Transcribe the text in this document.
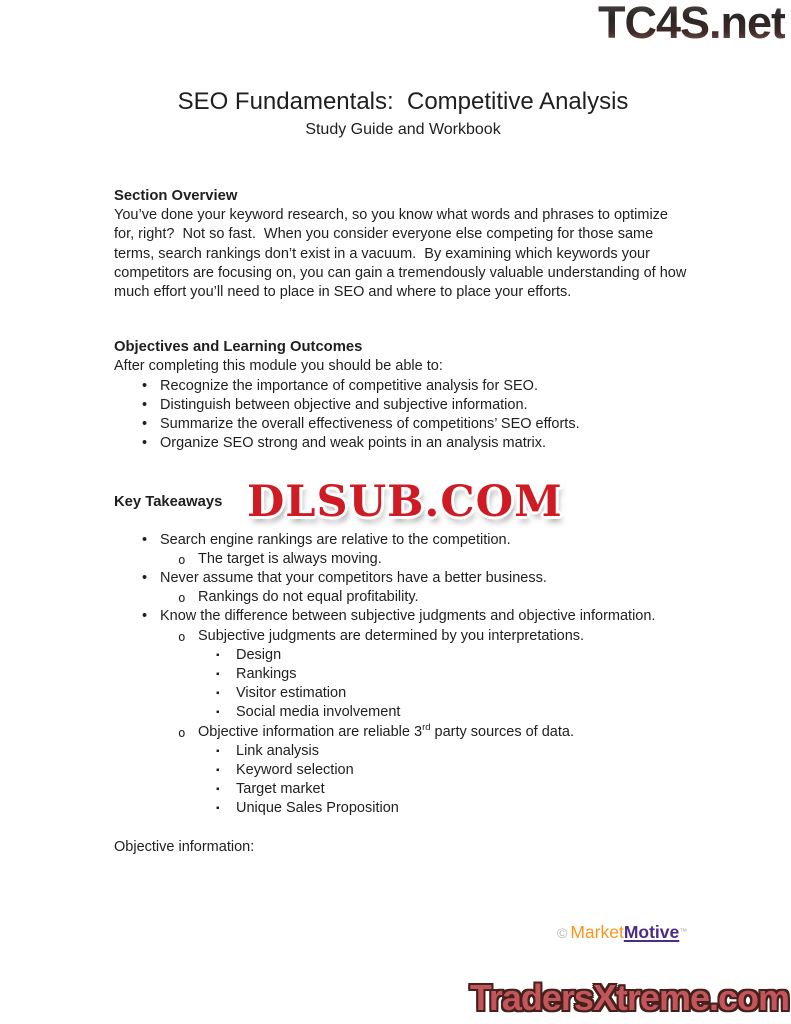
TC4S.net
SEO Fundamentals:  Competitive Analysis
Study Guide and Workbook
Section Overview
You’ve done your keyword research, so you know what words and phrases to optimize for, right?  Not so fast.  When you consider everyone else competing for those same terms, search rankings don’t exist in a vacuum.  By examining which keywords your competitors are focusing on, you can gain a tremendously valuable understanding of how much effort you’ll need to place in SEO and where to place your efforts.
Objectives and Learning Outcomes
After completing this module you should be able to:
• Recognize the importance of competitive analysis for SEO.
• Distinguish between objective and subjective information.
• Summarize the overall effectiveness of competitions’ SEO efforts.
• Organize SEO strong and weak points in an analysis matrix.
Key Takeaways
• Search engine rankings are relative to the competition.
o The target is always moving.
• Never assume that your competitors have a better business.
o Rankings do not equal profitability.
• Know the difference between subjective judgments and objective information.
o Subjective judgments are determined by you interpretations.
▪	Design
▪	Rankings
▪	Visitor estimation
▪	Social media involvement
o Objective information are reliable 3rd party sources of data.
▪	Link analysis
▪	Keyword selection
▪	Target market
▪	Unique Sales Proposition
Objective information:
DLSUB.COM
© MarketMotive™
TradersXtreme.com
